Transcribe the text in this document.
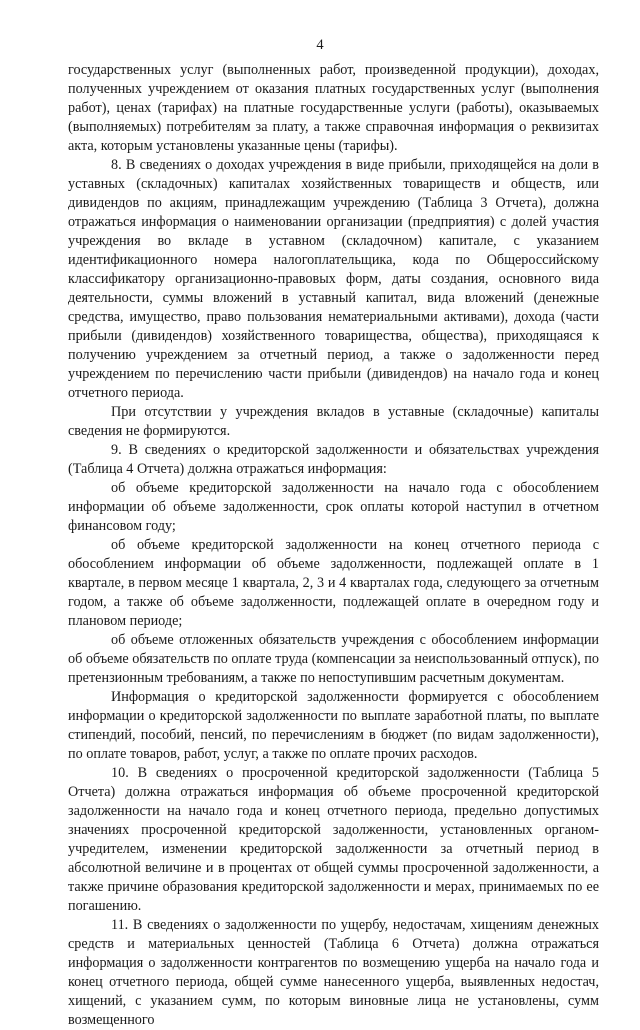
4

государственных услуг (выполненных работ, произведенной продукции), доходах, полученных учреждением от оказания платных государственных услуг (выполнения работ), ценах (тарифах) на платные государственные услуги (работы), оказываемых (выполняемых) потребителям за плату, а также справочная информация о реквизитах акта, которым установлены указанные цены (тарифы).

8. В сведениях о доходах учреждения в виде прибыли, приходящейся на доли в уставных (складочных) капиталах хозяйственных товариществ и обществ, или дивидендов по акциям, принадлежащим учреждению (Таблица 3 Отчета), должна отражаться информация о наименовании организации (предприятия) с долей участия учреждения во вкладе в уставном (складочном) капитале, с указанием идентификационного номера налогоплательщика, кода по Общероссийскому классификатору организационно-правовых форм, даты создания, основного вида деятельности, суммы вложений в уставный капитал, вида вложений (денежные средства, имущество, право пользования нематериальными активами), дохода (части прибыли (дивидендов) хозяйственного товарищества, общества), приходящаяся к получению учреждением за отчетный период, а также о задолженности перед учреждением по перечислению части прибыли (дивидендов) на начало года и конец отчетного периода.

При отсутствии у учреждения вкладов в уставные (складочные) капиталы сведения не формируются.

9. В сведениях о кредиторской задолженности и обязательствах учреждения (Таблица 4 Отчета) должна отражаться информация:

об объеме кредиторской задолженности на начало года с обособлением информации об объеме задолженности, срок оплаты которой наступил в отчетном финансовом году;

об объеме кредиторской задолженности на конец отчетного периода с обособлением информации об объеме задолженности, подлежащей оплате в 1 квартале, в первом месяце 1 квартала, 2, 3 и 4 кварталах года, следующего за отчетным годом, а также об объеме задолженности, подлежащей оплате в очередном году и плановом периоде;

об объеме отложенных обязательств учреждения с обособлением информации об объеме обязательств по оплате труда (компенсации за неиспользованный отпуск), по претензионным требованиям, а также по непоступившим расчетным документам.

Информация о кредиторской задолженности формируется с обособлением информации о кредиторской задолженности по выплате заработной платы, по выплате стипендий, пособий, пенсий, по перечислениям в бюджет (по видам задолженности), по оплате товаров, работ, услуг, а также по оплате прочих расходов.

10. В сведениях о просроченной кредиторской задолженности (Таблица 5 Отчета) должна отражаться информация об объеме просроченной кредиторской задолженности на начало года и конец отчетного периода, предельно допустимых значениях просроченной кредиторской задолженности, установленных органом-учредителем, изменении кредиторской задолженности за отчетный период в абсолютной величине и в процентах от общей суммы просроченной задолженности, а также причине образования кредиторской задолженности и мерах, принимаемых по ее погашению.

11. В сведениях о задолженности по ущербу, недостачам, хищениям денежных средств и материальных ценностей (Таблица 6 Отчета) должна отражаться информация о задолженности контрагентов по возмещению ущерба на начало года и конец отчетного периода, общей сумме нанесенного ущерба, выявленных недостач, хищений, с указанием сумм, по которым виновные лица не установлены, сумм возмещенного
